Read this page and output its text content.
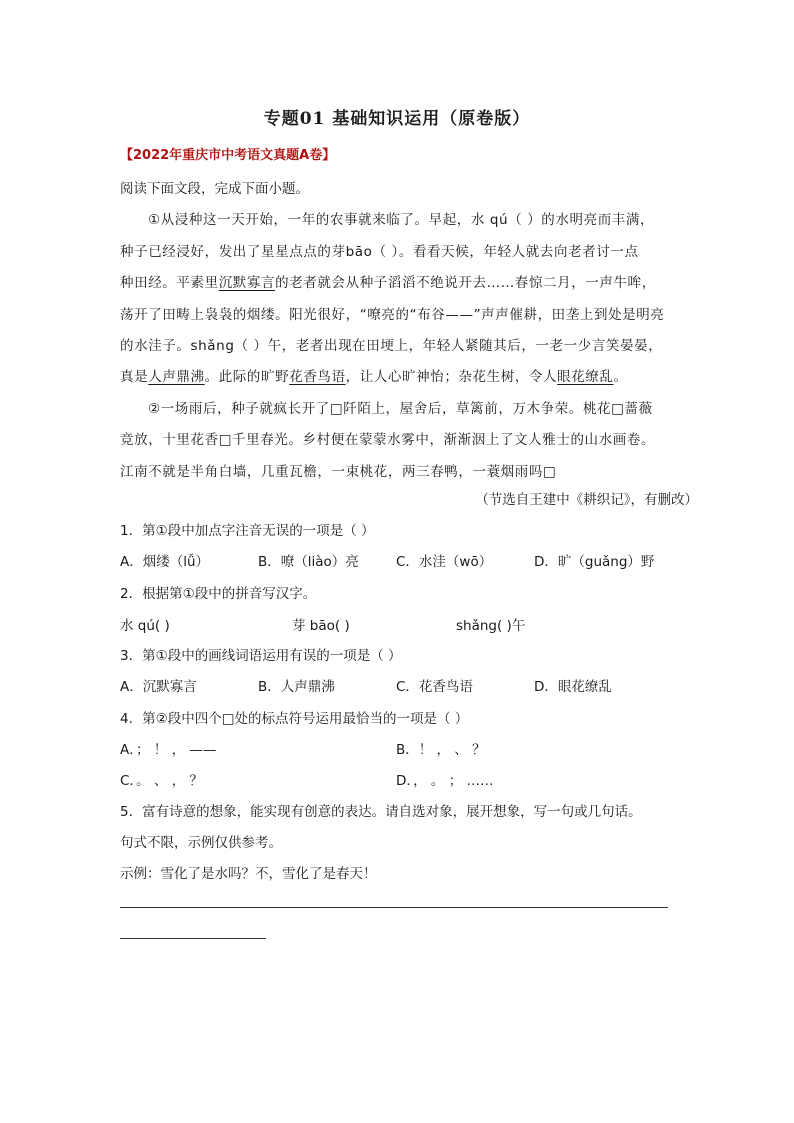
专题01 基础知识运用（原卷版）
【2022年重庆市中考语文真题A卷】
阅读下面文段，完成下面小题。
①从浸种这一天开始，一年的农事就来临了。早起，水 qú（ ）的水明亮而丰满，
种子已经浸好，发出了星星点点的芽bāo（ ）。看看天候，年轻人就去向老者讨一点
种田经。平素里沉默寡言的老者就会从种子滔滔不绝说开去……春惊二月，一声牛哞，
荡开了田畴上袅袅的烟缕。阳光很好，“嘹亮的“布谷——”声声催耕，田垄上到处是明亮
的水洼子。shǎng（ ）午，老者出现在田埂上，年轻人紧随其后，一老一少言笑晏晏，
真是人声鼎沸。此际的旷野花香鸟语，让人心旷神怡；杂花生树，令人眼花缭乱。
②一场雨后，种子就疯长开了□阡陌上，屋舍后，草篱前，万木争荣。桃花□蔷薇
竞放，十里花香□千里春光。乡村便在蒙蒙水雾中，渐渐洇上了文人雅士的山水画卷。
江南不就是半角白墙，几重瓦檐，一束桃花，两三春鸭，一蓑烟雨吗□
（节选自王建中《耕织记》，有删改）
1．第①段中加点字注音无误的一项是（ ）
A．烟缕（lǚ）	B．嘹（liào）亮	C．水洼（wō）	D．旷（guǎng）野
2．根据第①段中的拼音写汉字。
水 qú( )	芽 bāo( )	shǎng( )午
3．第①段中的画线词语运用有误的一项是（ ）
A．沉默寡言	B．人声鼎沸	C．花香鸟语	D．眼花缭乱
4．第②段中四个□处的标点符号运用最恰当的一项是（ ）
A．； ！ ， ——	B．！ ， 、 ？
C．。 、 ， ？	D．， 。 ； ……
5．富有诗意的想象，能实现有创意的表达。请自选对象，展开想象，写一句或几句话。
句式不限，示例仅供参考。
示例：雪化了是水吗？不，雪化了是春天！
